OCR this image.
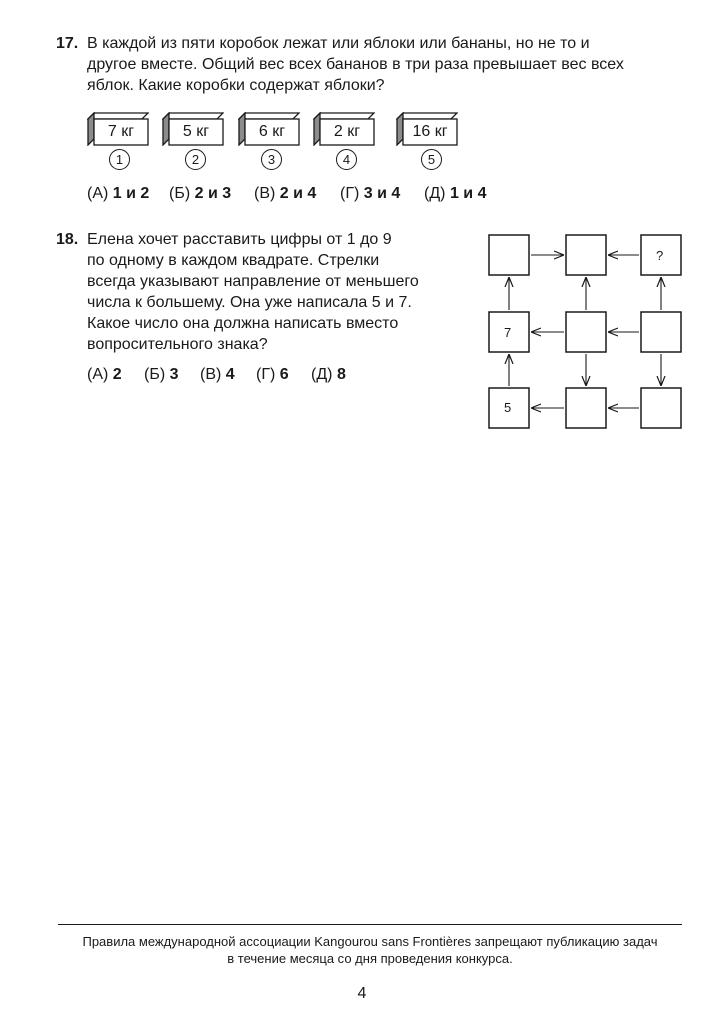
17. В каждой из пяти коробок лежат или яблоки или бананы, но не то и
другое вместе. Общий вес всех бананов в три раза превышает вес всех
яблок. Какие коробки содержат яблоки?
7 кг	5 кг	6 кг	2 кг	16 кг
1	2	3	4	5
(А) 1 и 2 (Б) 2 и 3 (В) 2 и 4 (Г) 3 и 4 (Д) 1 и 4
18. Елена хочет расставить цифры от 1 до 9
по одному в каждом квадрате. Стрелки
всегда указывают направление от меньшего
числа к большему. Она уже написала 5 и 7.
Какое число она должна написать вместо
вопросительного знака?
(А) 2 (Б) 3 (В) 4 (Г) 6 (Д) 8
?
7
5
Правила международной ассоциации Kangourou sans Frontières запрещают публикацию задач
в течение месяца со дня проведения конкурса.
4
